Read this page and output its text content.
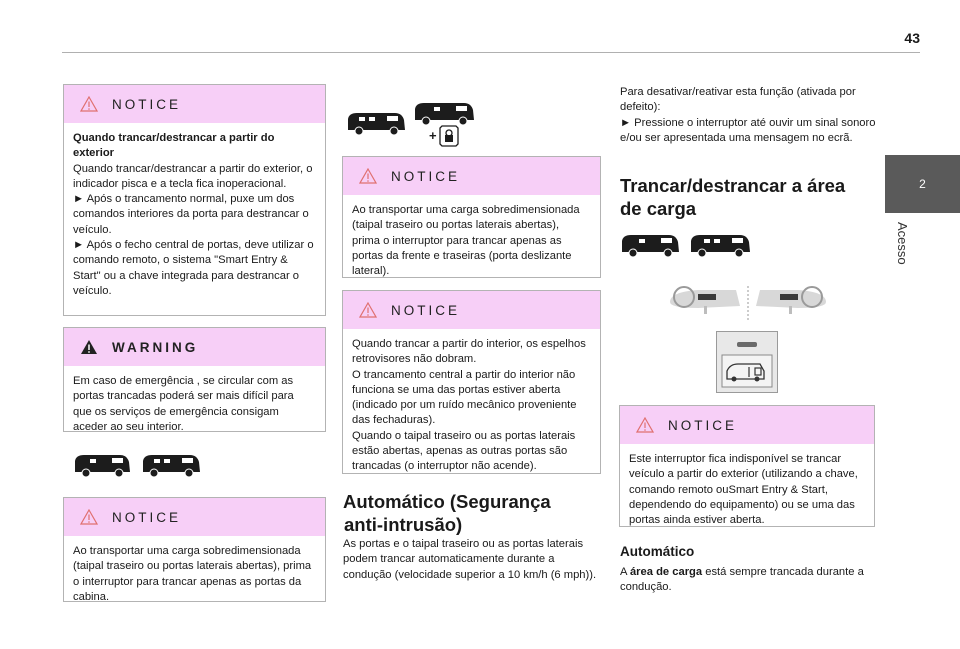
43
2
Acesso
NOTICE

Quando trancar/destrancar a partir do exterior

Quando trancar/destrancar a partir do exterior, o indicador pisca e a tecla fica inoperacional.

► Após o trancamento normal, puxe um dos comandos interiores da porta para destrancar o veículo.

► Após o fecho central de portas, deve utilizar o comando remoto, o sistema "Smart Entry & Start" ou a chave integrada para destrancar o veículo.

WARNING

Em caso de emergência , se circular com as portas trancadas poderá ser mais difícil para que os serviços de emergência consigam aceder ao seu interior.

NOTICE

Ao transportar uma carga sobredimensionada (taipal traseiro ou portas laterais abertas), prima o interruptor para trancar apenas as portas da cabina.

+
NOTICE

Ao transportar uma carga sobredimensionada (taipal traseiro ou portas laterais abertas), prima o interruptor para trancar apenas as portas da frente e traseiras (porta deslizante lateral).

NOTICE

Quando trancar a partir do interior, os espelhos retrovisores não dobram.

O trancamento central a partir do interior não funciona se uma das portas estiver aberta (indicado por um ruído mecânico proveniente das fechaduras).

Quando o taipal traseiro ou as portas laterais estão abertas, apenas as outras portas são trancadas (o interruptor não acende).

Automático (Segurança
anti-intrusão)

As portas e o taipal traseiro ou as portas laterais podem trancar automaticamente durante a condução (velocidade superior a 10 km/h (6 mph)).

Para desativar/reativar esta função (ativada por defeito):

► Pressione o interruptor até ouvir um sinal sonoro e/ou ser apresentada uma mensagem no ecrã.

Trancar/destrancar a área
de carga
NOTICE

Este interruptor fica indisponível se trancar veículo a partir do exterior (utilizando a chave, comando remoto ouSmart Entry & Start, dependendo do equipamento) ou se uma das portas ainda estiver aberta.

Automático
A área de carga está sempre trancada durante a condução.
